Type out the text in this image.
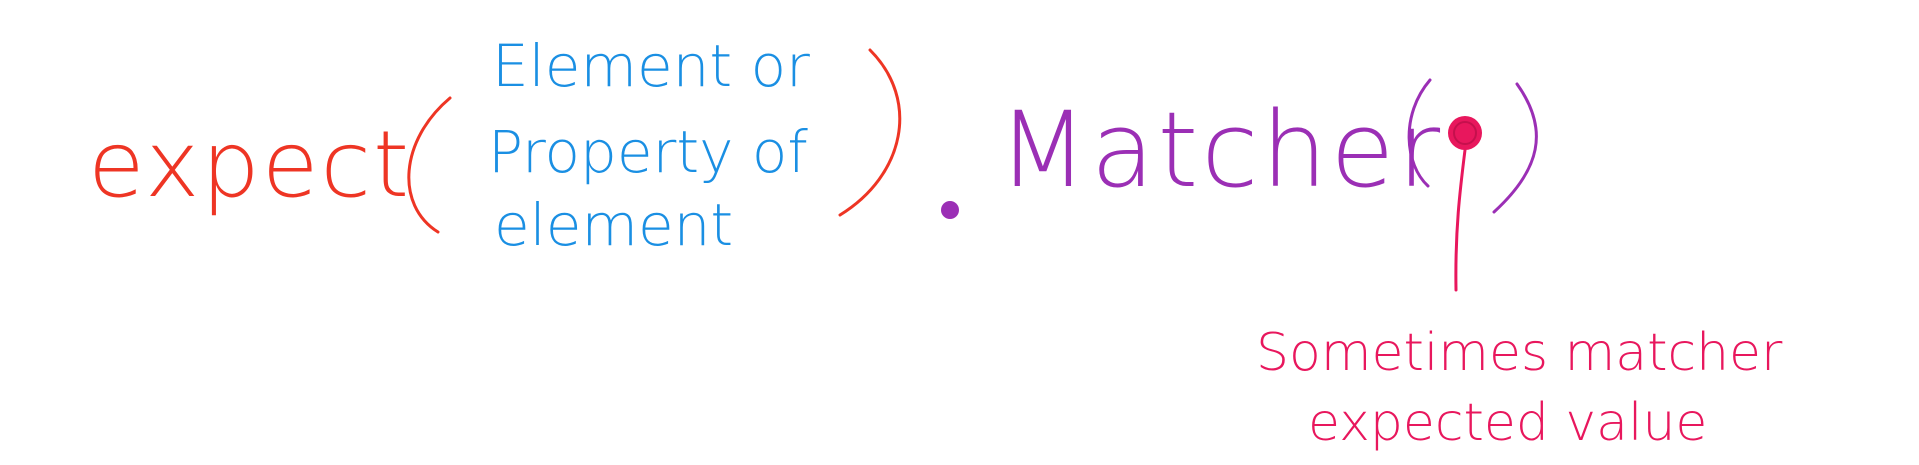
expect
Element or
Property of
element
Matcher
Sometimes matcher
expected value
